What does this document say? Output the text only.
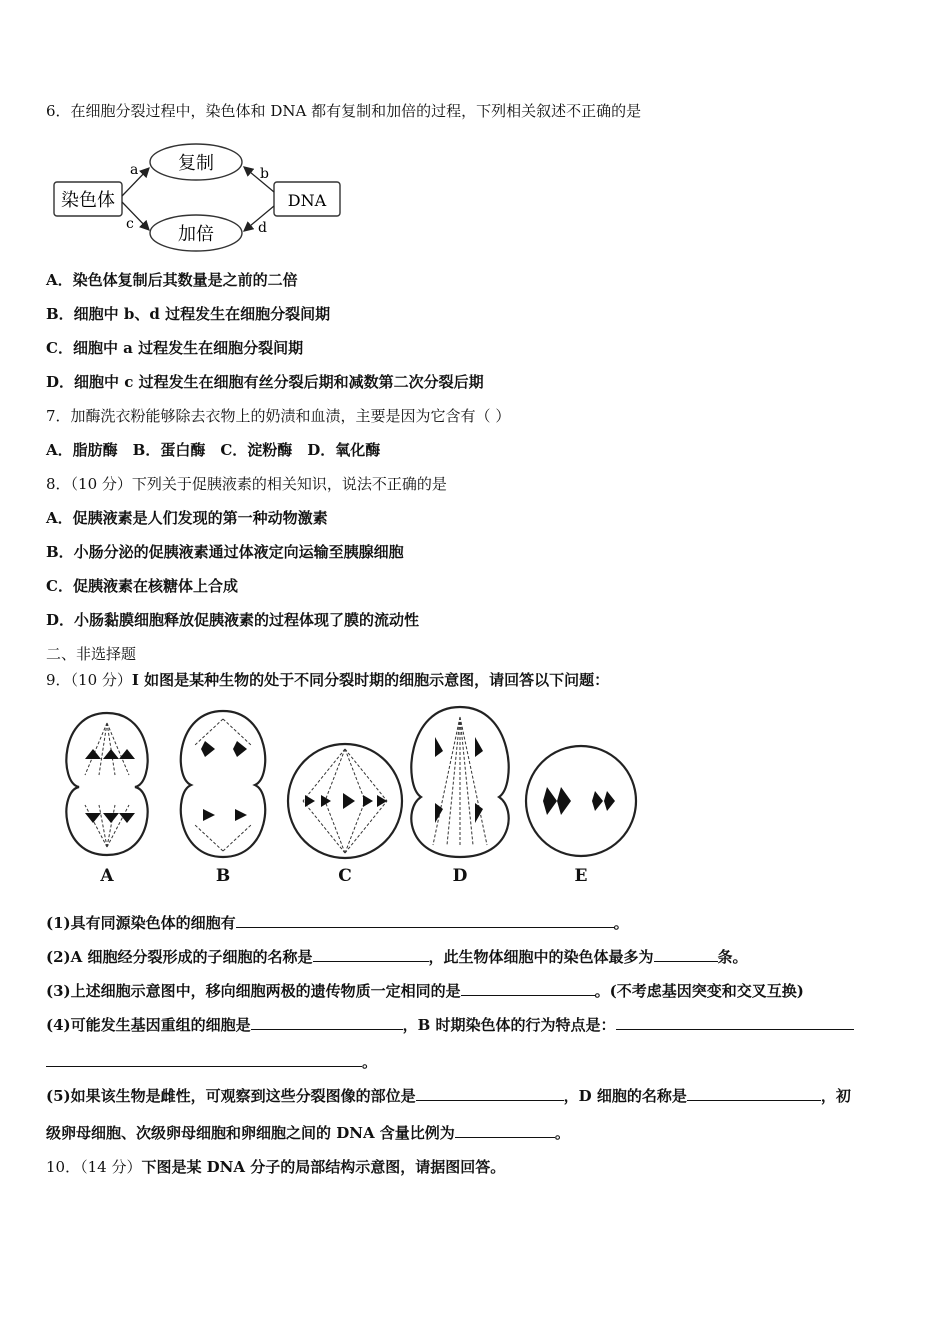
6．在细胞分裂过程中，染色体和 DNA 都有复制和加倍的过程，下列相关叙述不正确的是
染色体	DNA
复制
加倍
a	b
c	d
A．染色体复制后其数量是之前的二倍
B．细胞中 b、d 过程发生在细胞分裂间期
C．细胞中 a 过程发生在细胞分裂间期
D．细胞中 c 过程发生在细胞有丝分裂后期和减数第二次分裂后期
7．加酶洗衣粉能够除去衣物上的奶渍和血渍，主要是因为它含有（ ）
A．脂肪酶　B．蛋白酶　C．淀粉酶　D．氧化酶
8．（10 分）下列关于促胰液素的相关知识，说法不正确的是
A．促胰液素是人们发现的第一种动物激素
B．小肠分泌的促胰液素通过体液定向运输至胰腺细胞
C．促胰液素在核糖体上合成
D．小肠黏膜细胞释放促胰液素的过程体现了膜的流动性
二、非选择题
9．（10 分）I 如图是某种生物的处于不同分裂时期的细胞示意图，请回答以下问题：
A	B	C	D	E
(1)具有同源染色体的细胞有	。
(2)A 细胞经分裂形成的子细胞的名称是	，此生物体细胞中的染色体最多为	条。
(3)上述细胞示意图中，移向细胞两极的遗传物质一定相同的是	。(不考虑基因突变和交叉互换)
(4)可能发生基因重组的细胞是	，B 时期染色体的行为特点是：
。
(5)如果该生物是雌性，可观察到这些分裂图像的部位是	，D 细胞的名称是	，初
级卵母细胞、次级卵母细胞和卵细胞之间的 DNA 含量比例为	。
10．（14 分）下图是某 DNA 分子的局部结构示意图，请据图回答。
